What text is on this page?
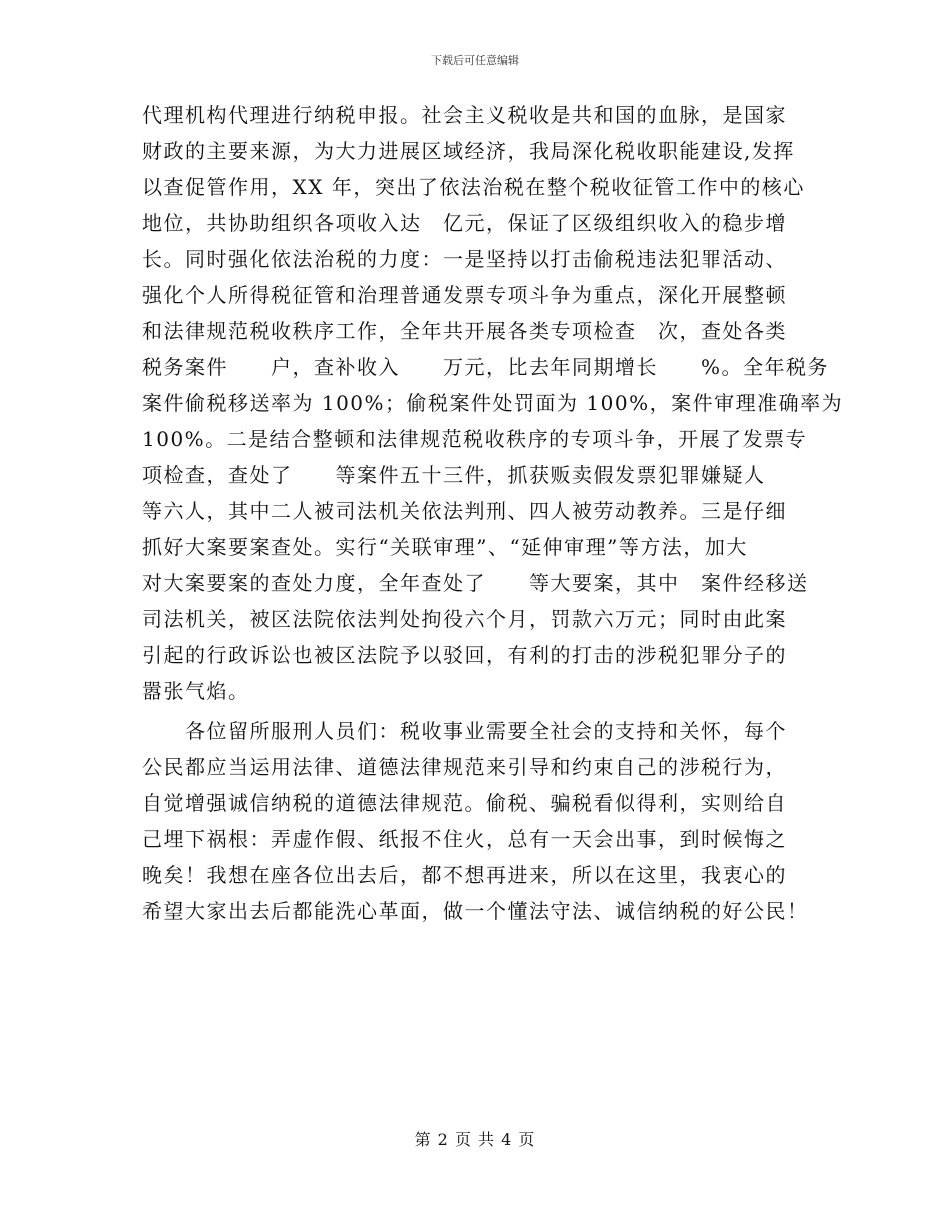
下载后可任意编辑
代理机构代理进行纳税申报。社会主义税收是共和国的血脉，是国家
财政的主要来源，为大力进展区域经济，我局深化税收职能建设,发挥
以查促管作用，XX 年，突出了依法治税在整个税收征管工作中的核心
地位，共协助组织各项收入达　亿元，保证了区级组织收入的稳步增
长。同时强化依法治税的力度：一是坚持以打击偷税违法犯罪活动、
强化个人所得税征管和治理普通发票专项斗争为重点，深化开展整顿
和法律规范税收秩序工作，全年共开展各类专项检查　次，查处各类
税务案件　　户，查补收入　　万元，比去年同期增长　　%。全年税务
案件偷税移送率为 100%；偷税案件处罚面为 100%，案件审理准确率为
100%。二是结合整顿和法律规范税收秩序的专项斗争，开展了发票专
项检查，查处了　　等案件五十三件，抓获贩卖假发票犯罪嫌疑人
等六人，其中二人被司法机关依法判刑、四人被劳动教养。三是仔细
抓好大案要案查处。实行“关联审理”、“延伸审理”等方法，加大
对大案要案的查处力度，全年查处了　　等大要案，其中　案件经移送
司法机关，被区法院依法判处拘役六个月，罚款六万元；同时由此案
引起的行政诉讼也被区法院予以驳回，有利的打击的涉税犯罪分子的
嚣张气焰。
　　各位留所服刑人员们：税收事业需要全社会的支持和关怀，每个
公民都应当运用法律、道德法律规范来引导和约束自己的涉税行为，
自觉增强诚信纳税的道德法律规范。偷税、骗税看似得利，实则给自
己埋下祸根：弄虚作假、纸报不住火，总有一天会出事，到时候悔之
晚矣！我想在座各位出去后，都不想再进来，所以在这里，我衷心的
希望大家出去后都能洗心革面，做一个懂法守法、诚信纳税的好公民！
第 2 页 共 4 页
